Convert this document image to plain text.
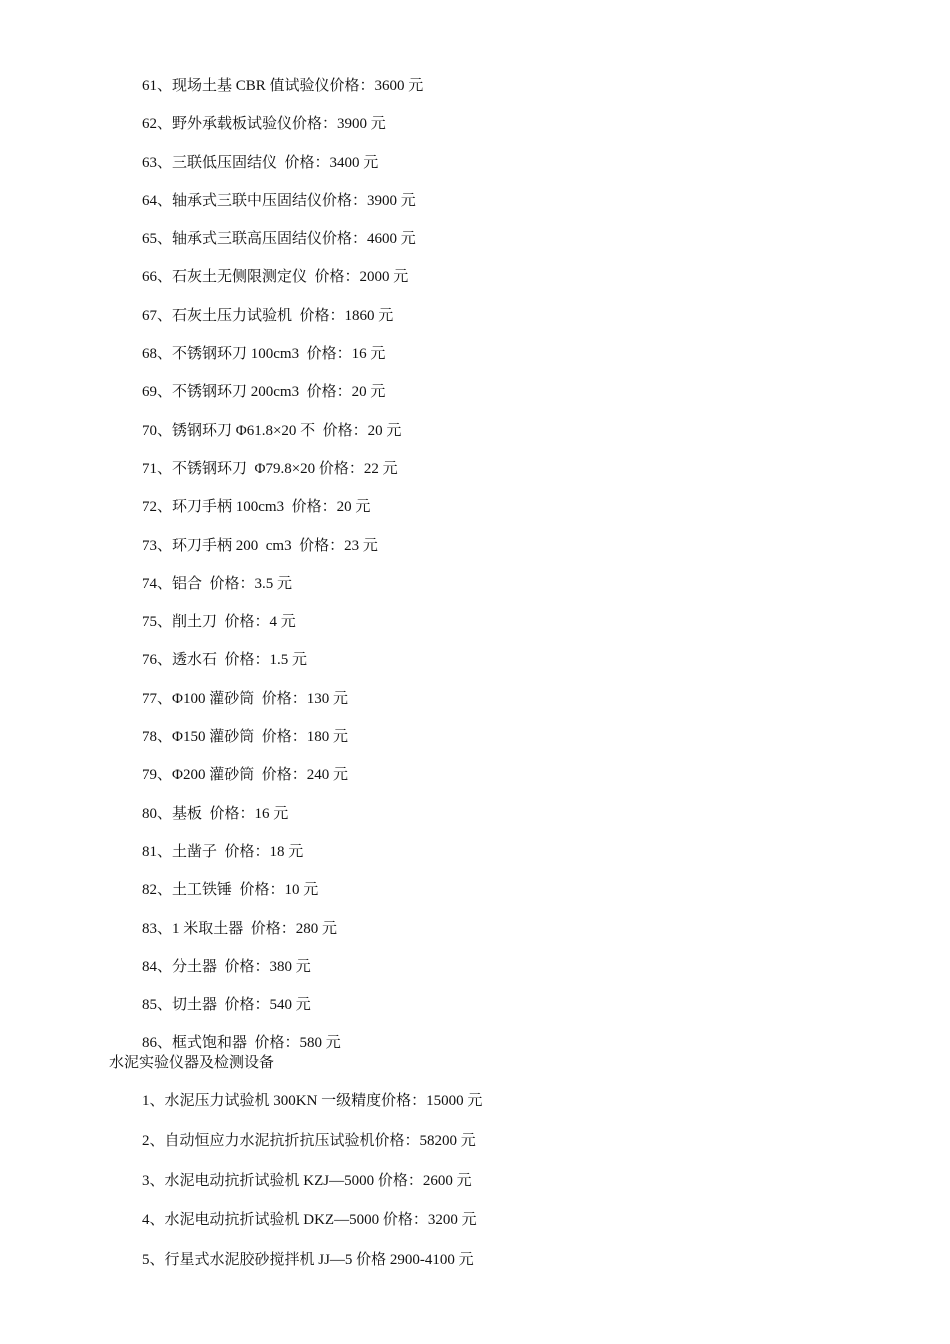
61、现场土基 CBR 值试验仪价格：3600 元
62、野外承载板试验仪价格：3900 元
63、三联低压固结仪  价格：3400 元
64、轴承式三联中压固结仪价格：3900 元
65、轴承式三联高压固结仪价格：4600 元
66、石灰土无侧限测定仪  价格：2000 元
67、石灰土压力试验机  价格：1860 元
68、不锈钢环刀 100cm3  价格：16 元
69、不锈钢环刀 200cm3  价格：20 元
70、锈钢环刀 Φ61.8×20 不  价格：20 元
71、不锈钢环刀  Φ79.8×20 价格：22 元
72、环刀手柄 100cm3  价格：20 元
73、环刀手柄 200  cm3  价格：23 元
74、铝合  价格：3.5 元
75、削土刀  价格：4 元
76、透水石  价格：1.5 元
77、Φ100 灌砂筒  价格：130 元
78、Φ150 灌砂筒  价格：180 元
79、Φ200 灌砂筒  价格：240 元
80、基板  价格：16 元
81、土凿子  价格：18 元
82、土工铁锤  价格：10 元
83、1 米取土器  价格：280 元
84、分土器  价格：380 元
85、切土器  价格：540 元
86、框式饱和器  价格：580 元
水泥实验仪器及检测设备
1、水泥压力试验机 300KN 一级精度价格：15000 元
2、自动恒应力水泥抗折抗压试验机价格：58200 元
3、水泥电动抗折试验机 KZJ—5000 价格：2600 元
4、水泥电动抗折试验机 DKZ—5000 价格：3200 元
5、行星式水泥胶砂搅拌机 JJ—5 价格 2900-4100 元
